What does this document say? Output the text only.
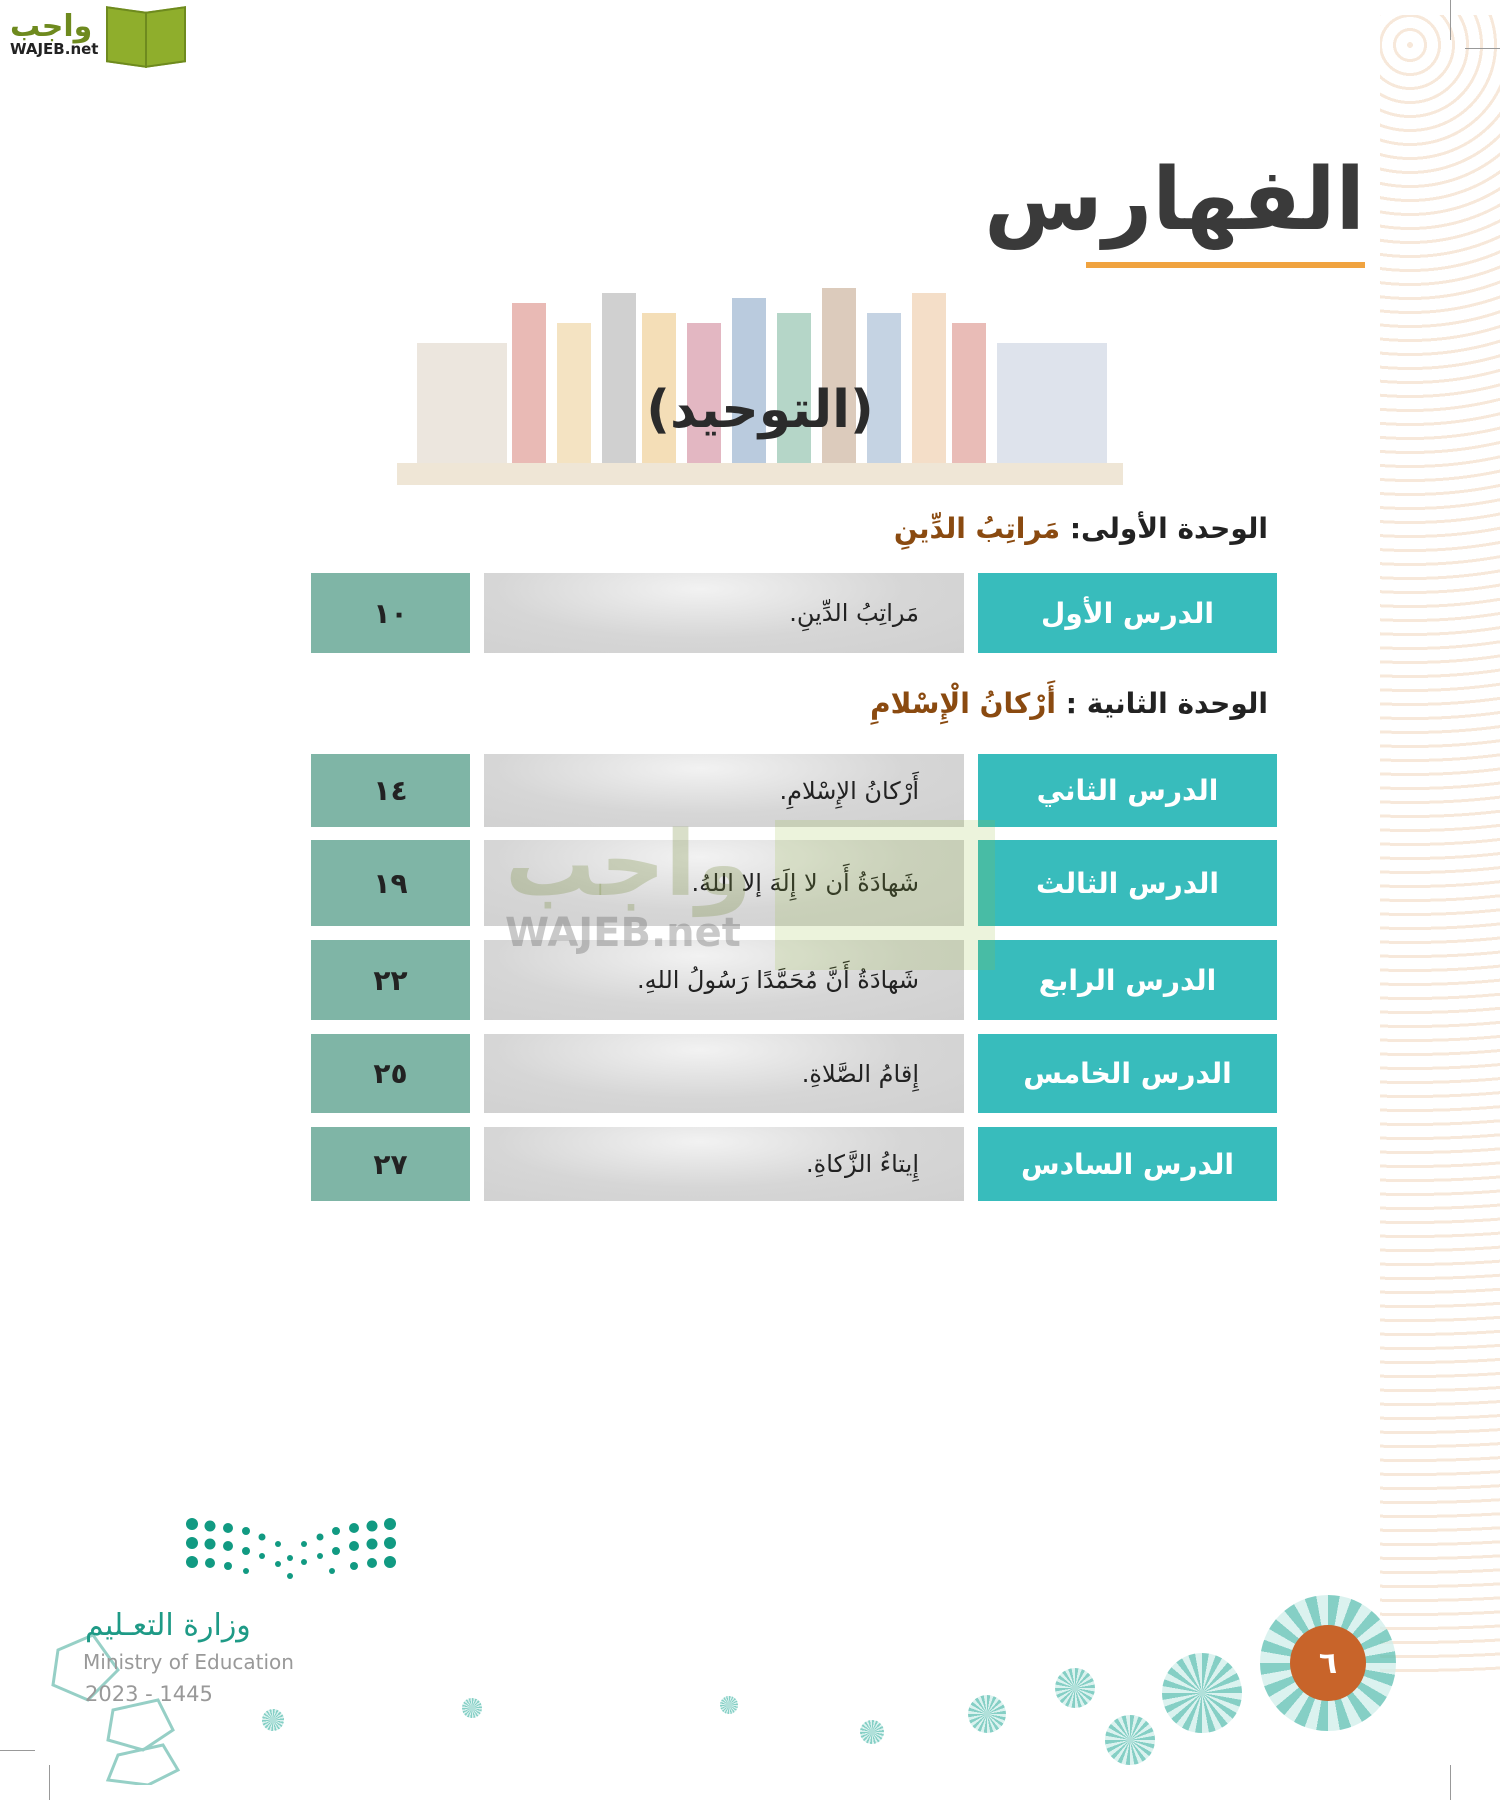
واجب
WAJEB.net
الفهارس
(التوحيد)
الوحدة الأولى: مَراتِبُ الدِّينِ
الوحدة الثانية : أَرْكانُ الْإِسْلامِ
١٠	مَراتِبُ الدِّينِ.	الدرس الأول
١٤	أَرْكانُ الإِسْلامِ.	الدرس الثاني
١٩	شَهادَةُ أَن لا إِلَهَ إلا اللهُ.	الدرس الثالث
٢٢	شَهادَةُ أَنَّ مُحَمَّدًا رَسُولُ اللهِ.	الدرس الرابع
٢٥	إِقامُ الصَّلاةِ.	الدرس الخامس
٢٧	إِيتاءُ الزَّكاةِ.	الدرس السادس
واجب
WAJEB.net
وزارة التعـليم
Ministry of Education
2023 - 1445
٦
